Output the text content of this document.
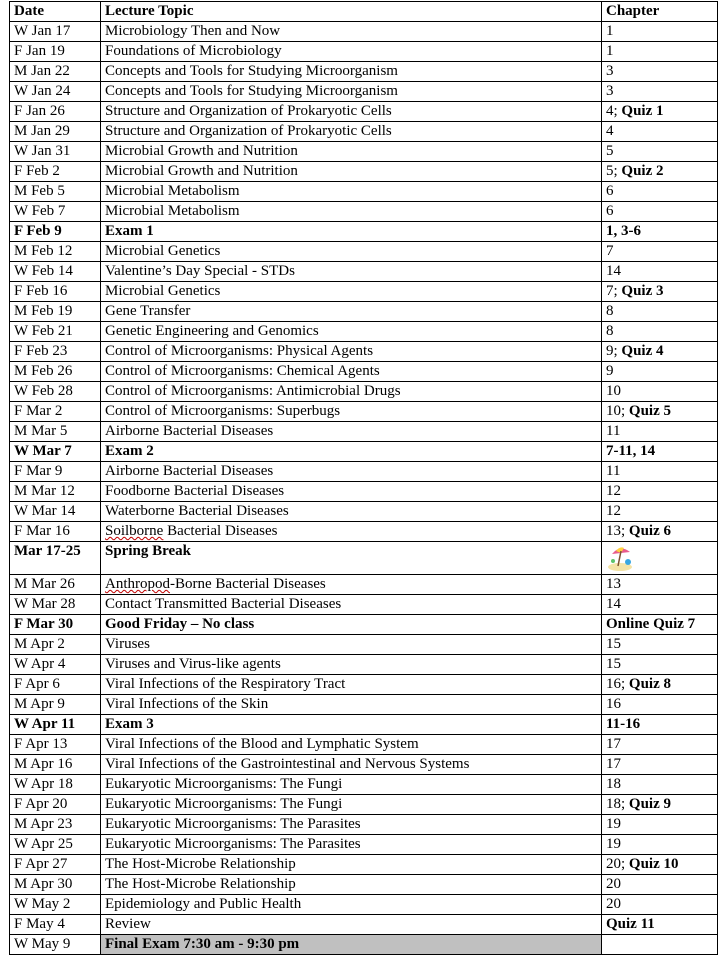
Date	Lecture Topic	Chapter
W Jan 17	Microbiology Then and Now	1
F Jan 19	Foundations of Microbiology	1
M Jan 22	Concepts and Tools for Studying Microorganism	3
W Jan 24	Concepts and Tools for Studying Microorganism	3
F Jan 26	Structure and Organization of Prokaryotic Cells	4; Quiz 1
M Jan 29	Structure and Organization of Prokaryotic Cells	4
W Jan 31	Microbial Growth and Nutrition	5
F Feb 2	Microbial Growth and Nutrition	5; Quiz 2
M Feb 5	Microbial Metabolism	6
W Feb 7	Microbial Metabolism	6
F Feb 9	Exam 1	1, 3-6
M Feb 12	Microbial Genetics	7
W Feb 14	Valentine’s Day Special - STDs	14
F Feb 16	Microbial Genetics	7; Quiz 3
M Feb 19	Gene Transfer	8
W Feb 21	Genetic Engineering and Genomics	8
F Feb 23	Control of Microorganisms: Physical Agents	9; Quiz 4
M Feb 26	Control of Microorganisms: Chemical Agents	9
W Feb 28	Control of Microorganisms: Antimicrobial Drugs	10
F Mar 2	Control of Microorganisms: Superbugs	10; Quiz 5
M Mar 5	Airborne Bacterial Diseases	11
W Mar 7	Exam 2	7-11, 14
F Mar 9	Airborne Bacterial Diseases	11
M Mar 12	Foodborne Bacterial Diseases	12
W Mar 14	Waterborne Bacterial Diseases	12
F Mar 16	Soilborne Bacterial Diseases	13; Quiz 6
Mar 17-25	Spring Break	
M Mar 26	Anthropod-Borne Bacterial Diseases	13
W Mar 28	Contact Transmitted Bacterial Diseases	14
F Mar 30	Good Friday – No class	Online Quiz 7
M Apr 2	Viruses	15
W Apr 4	Viruses and Virus-like agents	15
F Apr 6	Viral Infections of the Respiratory Tract	16; Quiz 8
M Apr 9	Viral Infections of the Skin	16
W Apr 11	Exam 3	11-16
F Apr 13	Viral Infections of the Blood and Lymphatic System	17
M Apr 16	Viral Infections of the Gastrointestinal and Nervous Systems	17
W Apr 18	Eukaryotic Microorganisms: The Fungi	18
F Apr 20	Eukaryotic Microorganisms: The Fungi	18; Quiz 9
M Apr 23	Eukaryotic Microorganisms: The Parasites	19
W Apr 25	Eukaryotic Microorganisms: The Parasites	19
F Apr 27	The Host-Microbe Relationship	20; Quiz 10
M Apr 30	The Host-Microbe Relationship	20
W May 2	Epidemiology and Public Health	20
F May 4	Review	Quiz 11
W May 9	Final Exam 7:30 am - 9:30 pm	
